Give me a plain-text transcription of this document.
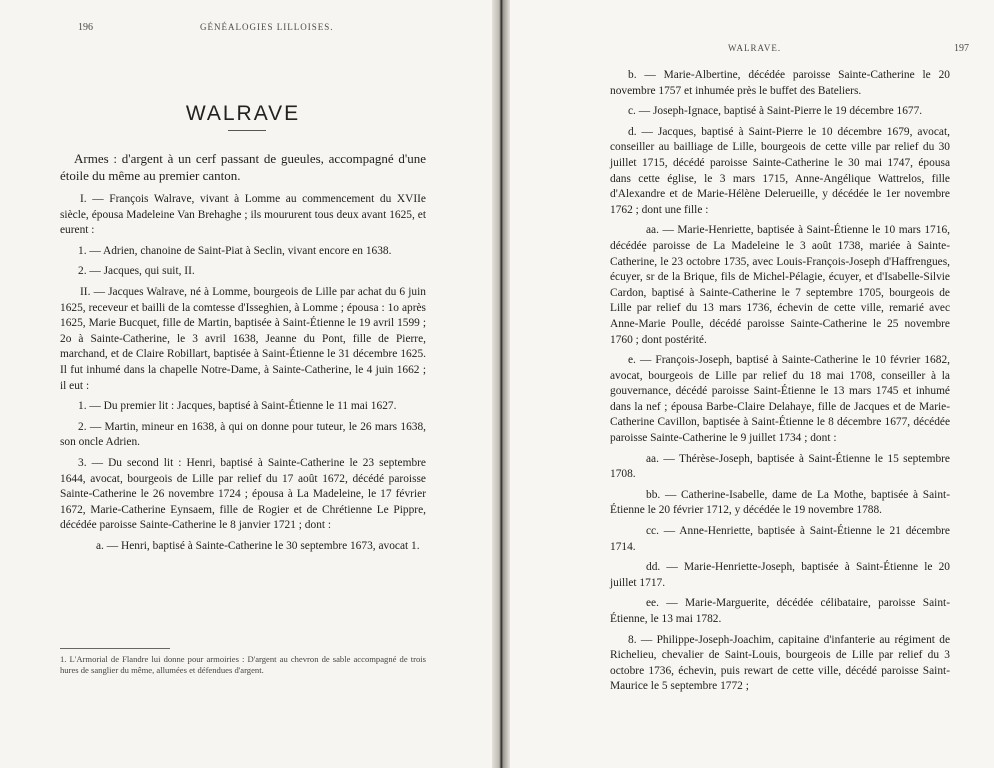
196	GÉNÉALOGIES LILLOISES.
WALRAVE

Armes : d'argent à un cerf passant de gueules, accompagné d'une étoile du même au premier canton.

I. — François Walrave, vivant à Lomme au commencement du XVIIe siècle, épousa Madeleine Van Brehaghe ; ils moururent tous deux avant 1625, et eurent :

1. — Adrien, chanoine de Saint-Piat à Seclin, vivant encore en 1638.

2. — Jacques, qui suit, II.

II. — Jacques Walrave, né à Lomme, bourgeois de Lille par achat du 6 juin 1625, receveur et bailli de la comtesse d'Isseghien, à Lomme ; épousa : 1o après 1625, Marie Bucquet, fille de Martin, baptisée à Saint-Étienne le 19 avril 1599 ; 2o à Sainte-Catherine, le 3 avril 1638, Jeanne du Pont, fille de Pierre, marchand, et de Claire Robillart, baptisée à Saint-Étienne le 31 décembre 1625. Il fut inhumé dans la chapelle Notre-Dame, à Sainte-Catherine, le 4 juin 1662 ; il eut :

1. — Du premier lit : Jacques, baptisé à Saint-Étienne le 11 mai 1627.

2. — Martin, mineur en 1638, à qui on donne pour tuteur, le 26 mars 1638, son oncle Adrien.

3. — Du second lit : Henri, baptisé à Sainte-Catherine le 23 septembre 1644, avocat, bourgeois de Lille par relief du 17 août 1672, décédé paroisse Sainte-Catherine le 26 novembre 1724 ; épousa à La Madeleine, le 17 février 1672, Marie-Catherine Eynsaem, fille de Rogier et de Chrétienne Le Pippre, décédée paroisse Sainte-Catherine le 8 janvier 1721 ; dont :

a. — Henri, baptisé à Sainte-Catherine le 30 septembre 1673, avocat 1.

1. L'Armorial de Flandre lui donne pour armoiries : D'argent au chevron de sable accompagné de trois hures de sanglier du même, allumées et défendues d'argent.
WALRAVE.	197

b. — Marie-Albertine, décédée paroisse Sainte-Catherine le 20 novembre 1757 et inhumée près le buffet des Bateliers.

c. — Joseph-Ignace, baptisé à Saint-Pierre le 19 décembre 1677.

d. — Jacques, baptisé à Saint-Pierre le 10 décembre 1679, avocat, conseiller au bailliage de Lille, bourgeois de cette ville par relief du 30 juillet 1715, décédé paroisse Sainte-Catherine le 30 mai 1747, épousa dans cette église, le 3 mars 1715, Anne-Angélique Wattrelos, fille d'Alexandre et de Marie-Hélène Delerueille, y décédée le 1er novembre 1762 ; dont une fille :

aa. — Marie-Henriette, baptisée à Saint-Étienne le 10 mars 1716, décédée paroisse de La Madeleine le 3 août 1738, mariée à Sainte-Catherine, le 23 octobre 1735, avec Louis-François-Joseph d'Haffrengues, écuyer, sr de la Brique, fils de Michel-Pélagie, écuyer, et d'Isabelle-Silvie Cardon, baptisé à Sainte-Catherine le 7 septembre 1705, bourgeois de Lille par relief du 13 mars 1736, échevin de cette ville, remarié avec Anne-Marie Poulle, décédé paroisse Sainte-Catherine le 25 novembre 1760 ; dont postérité.

e. — François-Joseph, baptisé à Sainte-Catherine le 10 février 1682, avocat, bourgeois de Lille par relief du 18 mai 1708, conseiller à la gouvernance, décédé paroisse Saint-Étienne le 13 mars 1745 et inhumé dans la nef ; épousa Barbe-Claire Delahaye, fille de Jacques et de Marie-Catherine Cavillon, baptisée à Saint-Étienne le 8 décembre 1677, décédée paroisse Sainte-Catherine le 9 juillet 1734 ; dont :

aa. — Thérèse-Joseph, baptisée à Saint-Étienne le 15 septembre 1708.

bb. — Catherine-Isabelle, dame de La Mothe, baptisée à Saint-Étienne le 20 février 1712, y décédée le 19 novembre 1788.

cc. — Anne-Henriette, baptisée à Saint-Étienne le 21 décembre 1714.

dd. — Marie-Henriette-Joseph, baptisée à Saint-Étienne le 20 juillet 1717.

ee. — Marie-Marguerite, décédée célibataire, paroisse Saint-Étienne, le 13 mai 1782.

8. — Philippe-Joseph-Joachim, capitaine d'infanterie au régiment de Richelieu, chevalier de Saint-Louis, bourgeois de Lille par relief du 3 octobre 1736, échevin, puis rewart de cette ville, décédé paroisse Saint-Maurice le 5 septembre 1772 ;
